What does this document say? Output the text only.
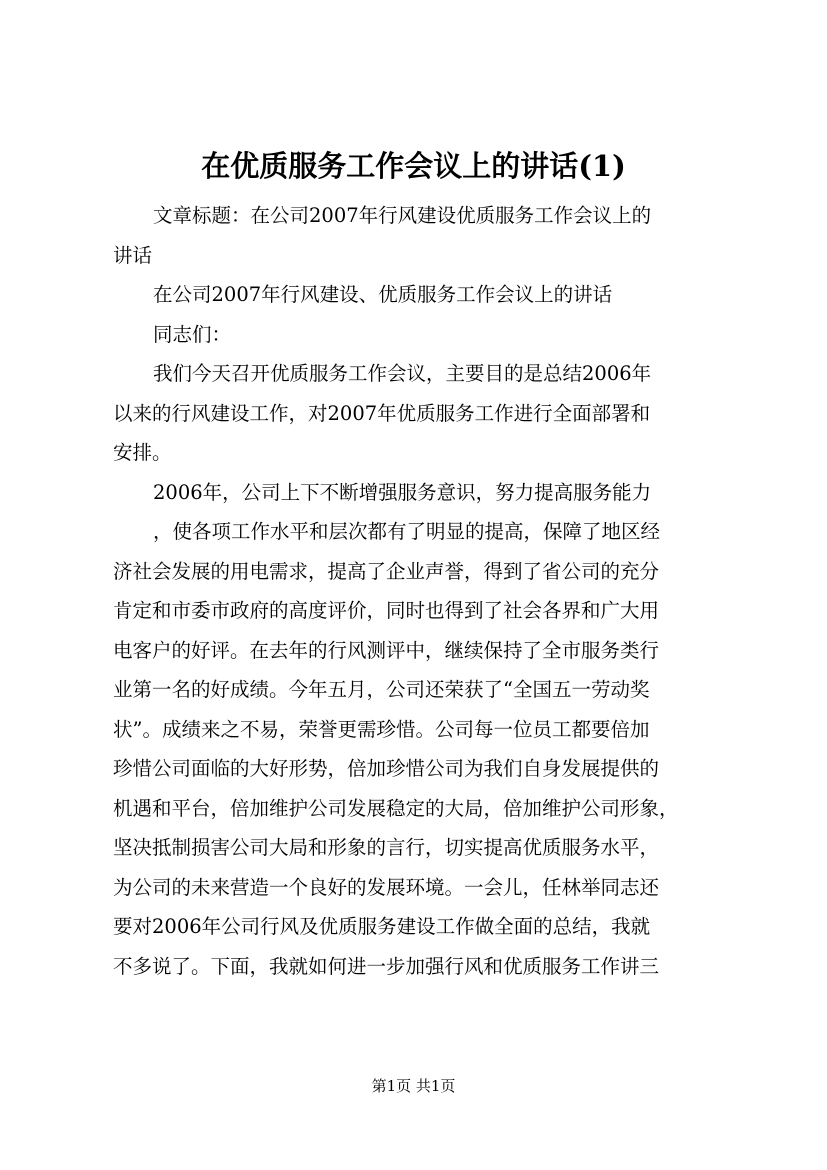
在优质服务工作会议上的讲话(1)

文章标题：在公司2007年行风建设优质服务工作会议上的

讲话

在公司2007年行风建设、优质服务工作会议上的讲话

同志们：

我们今天召开优质服务工作会议，主要目的是总结2006年

以来的行风建设工作，对2007年优质服务工作进行全面部署和

安排。

2006年，公司上下不断增强服务意识，努力提高服务能力

，使各项工作水平和层次都有了明显的提高，保障了地区经

济社会发展的用电需求，提高了企业声誉，得到了省公司的充分

肯定和市委市政府的高度评价，同时也得到了社会各界和广大用

电客户的好评。在去年的行风测评中，继续保持了全市服务类行

业第一名的好成绩。今年五月，公司还荣获了“全国五一劳动奖

状”。成绩来之不易，荣誉更需珍惜。公司每一位员工都要倍加

珍惜公司面临的大好形势，倍加珍惜公司为我们自身发展提供的

机遇和平台，倍加维护公司发展稳定的大局，倍加维护公司形象，

坚决抵制损害公司大局和形象的言行，切实提高优质服务水平，

为公司的未来营造一个良好的发展环境。一会儿，任林举同志还

要对2006年公司行风及优质服务建设工作做全面的总结，我就

不多说了。下面，我就如何进一步加强行风和优质服务工作讲三

第1页 共1页
